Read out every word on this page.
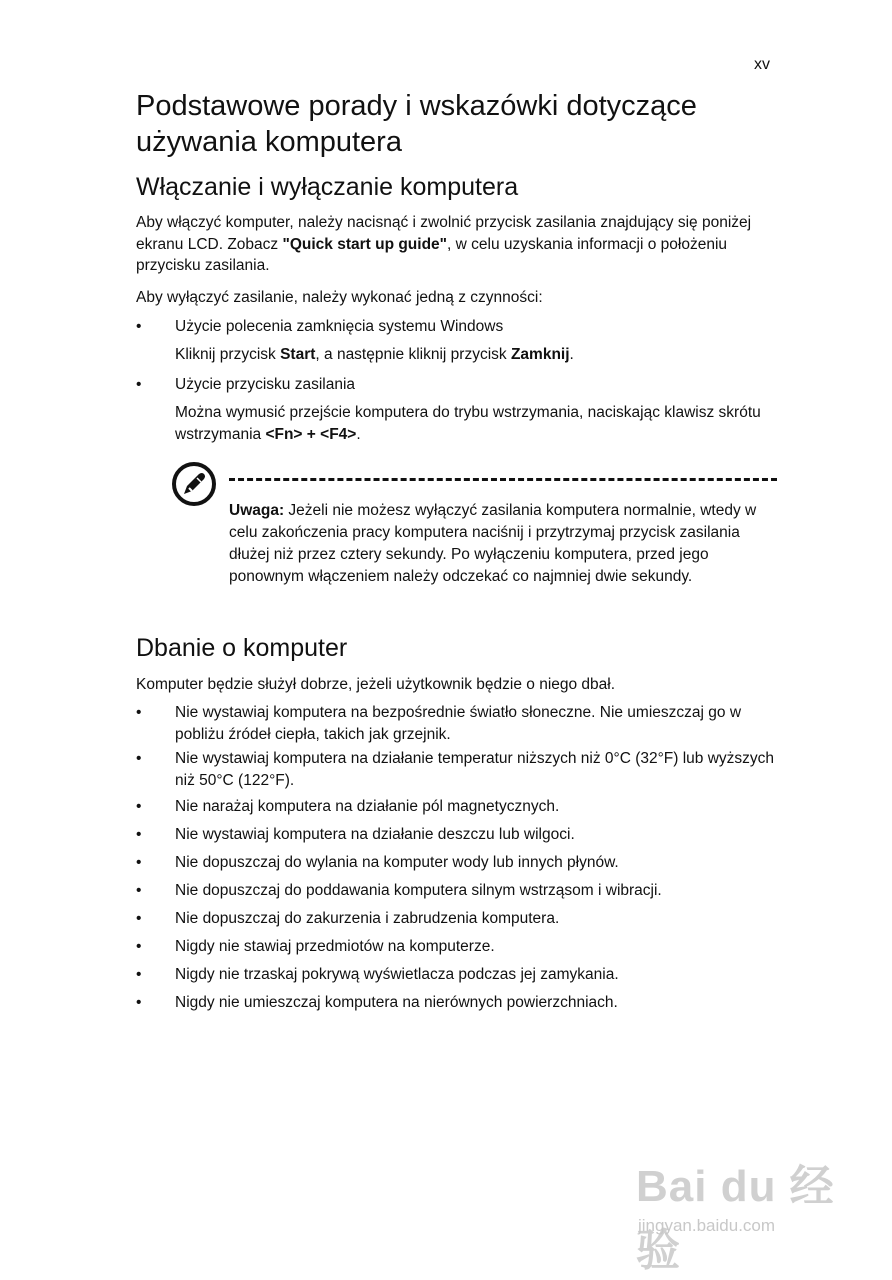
xv
Podstawowe porady i wskazówki dotyczące używania komputera
Włączanie i wyłączanie komputera

Aby włączyć komputer, należy nacisnąć i zwolnić przycisk zasilania znajdujący się poniżej ekranu LCD. Zobacz "Quick start up guide", w celu uzyskania informacji o położeniu przycisku zasilania.

Aby wyłączyć zasilanie, należy wykonać jedną z czynności:

• Użycie polecenia zamknięcia systemu Windows

Kliknij przycisk Start, a następnie kliknij przycisk Zamknij.

• Użycie przycisku zasilania

Można wymusić przejście komputera do trybu wstrzymania, naciskając klawisz skrótu wstrzymania <Fn> + <F4>.

Uwaga: Jeżeli nie możesz wyłączyć zasilania komputera normalnie, wtedy w celu zakończenia pracy komputera naciśnij i przytrzymaj przycisk zasilania dłużej niż przez cztery sekundy. Po wyłączeniu komputera, przed jego ponownym włączeniem należy odczekać co najmniej dwie sekundy.

Dbanie o komputer

Komputer będzie służył dobrze, jeżeli użytkownik będzie o niego dbał.

• Nie wystawiaj komputera na bezpośrednie światło słoneczne. Nie umieszczaj go w pobliżu źródeł ciepła, takich jak grzejnik.
• Nie wystawiaj komputera na działanie temperatur niższych niż 0°C (32°F) lub wyższych niż 50°C (122°F).
• Nie narażaj komputera na działanie pól magnetycznych.
• Nie wystawiaj komputera na działanie deszczu lub wilgoci.
• Nie dopuszczaj do wylania na komputer wody lub innych płynów.
• Nie dopuszczaj do poddawania komputera silnym wstrząsom i wibracji.
• Nie dopuszczaj do zakurzenia i zabrudzenia komputera.
• Nigdy nie stawiaj przedmiotów na komputerze.
• Nigdy nie trzaskaj pokrywą wyświetlacza podczas jej zamykania.
• Nigdy nie umieszczaj komputera na nierównych powierzchniach.
Bai du 经验
jingyan.baidu.com
